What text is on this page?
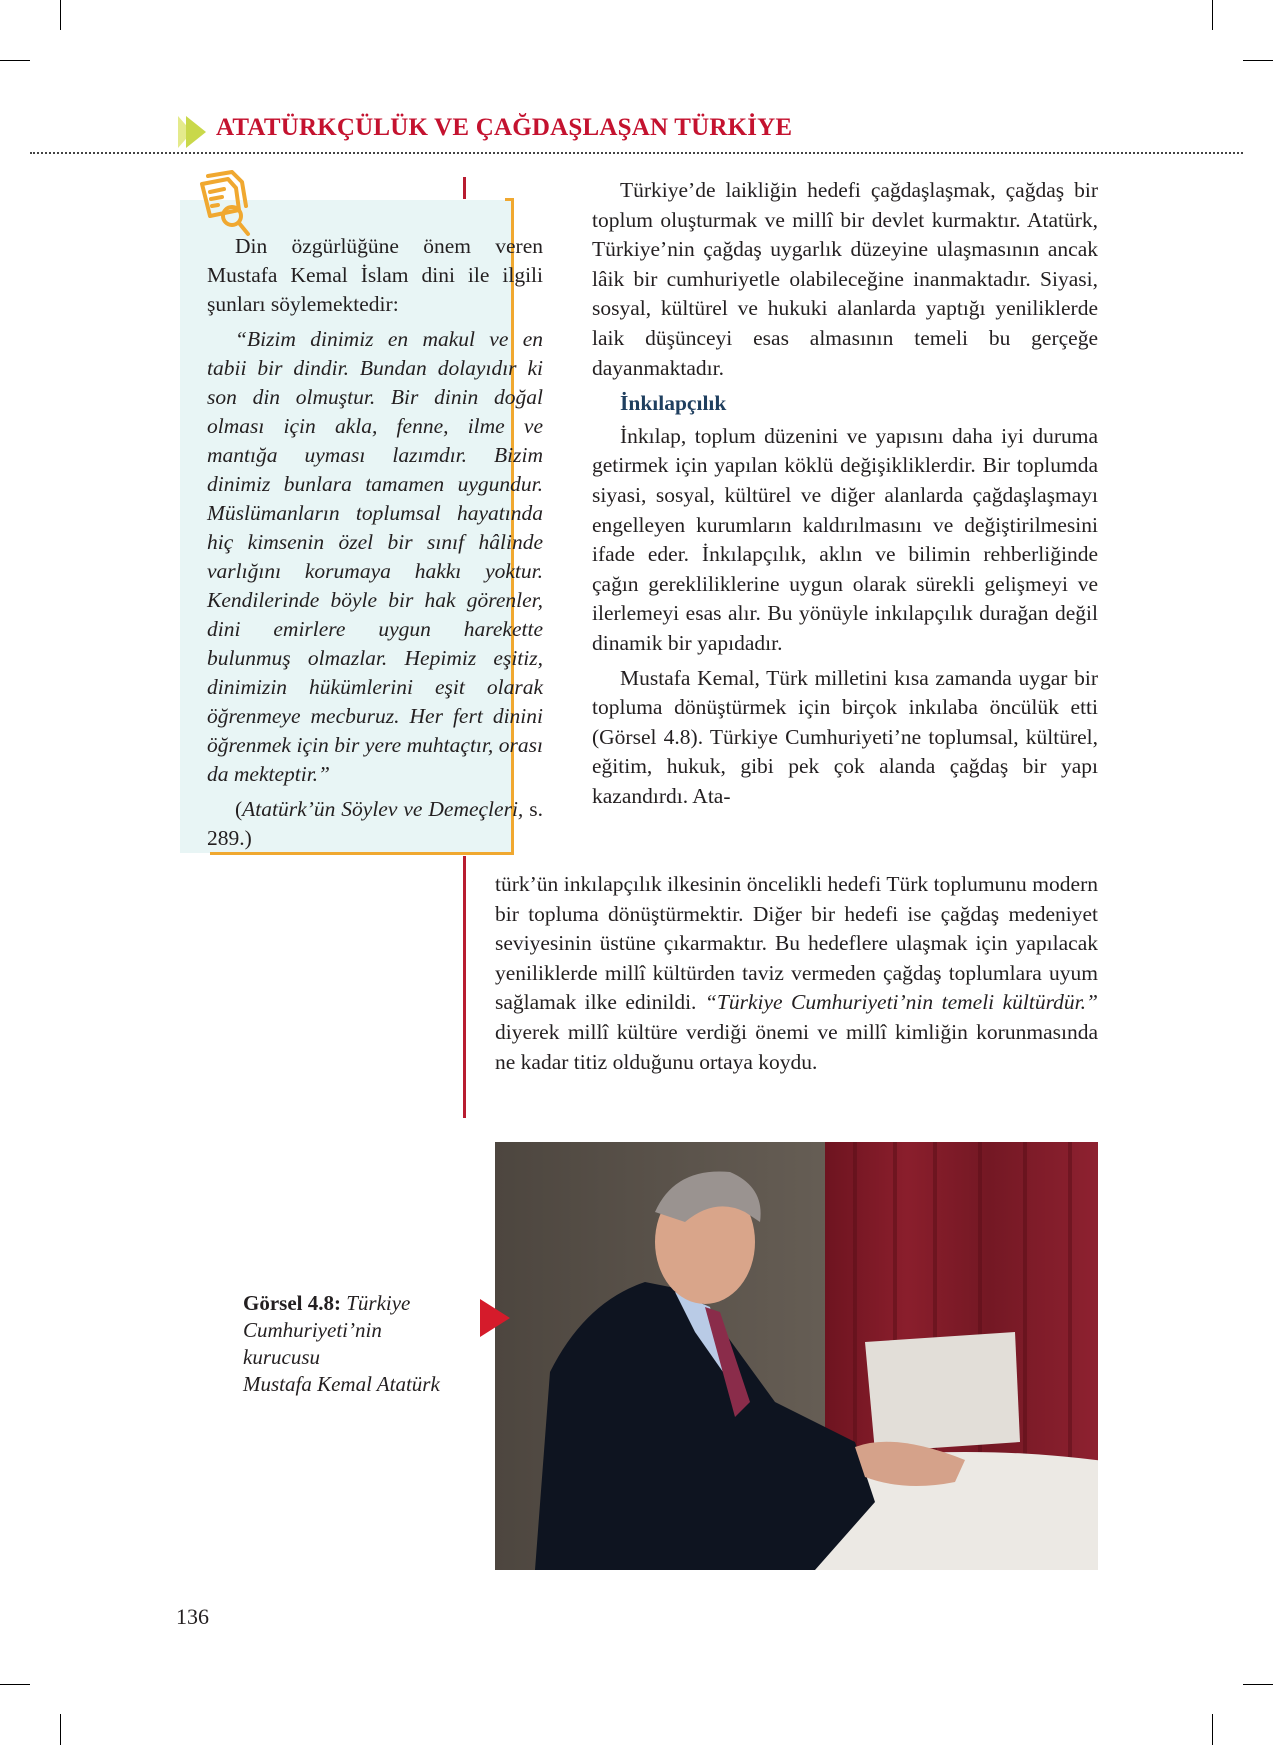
ATATÜRKÇÜLÜK VE ÇAĞDAŞLAŞAN TÜRKİYE

Din özgürlüğüne önem veren Mustafa Kemal İslam dini ile ilgili şunları söylemektedir:

“Bizim dinimiz en makul ve en tabii bir dindir. Bundan dolayıdır ki son din olmuştur. Bir dinin doğal olması için akla, fenne, ilme ve mantığa uyması lazımdır. Bizim dinimiz bunlara tamamen uygundur. Müslümanların toplumsal hayatında hiç kimsenin özel bir sınıf hâlinde varlığını korumaya hakkı yoktur. Kendilerinde böyle bir hak görenler, dini emirlere uygun harekette bulunmuş olmazlar. Hepimiz eşitiz, dinimizin hükümlerini eşit olarak öğrenmeye mecburuz. Her fert dinini öğrenmek için bir yere muhtaçtır, orası da mekteptir.”

(Atatürk’ün Söylev ve Demeçleri, s. 289.)

Türkiye’de laikliğin hedefi çağdaşlaşmak, çağdaş bir toplum oluşturmak ve millî bir devlet kurmaktır. Atatürk, Türkiye’nin çağdaş uygarlık düzeyine ulaşmasının ancak lâik bir cumhuriyetle olabileceğine inanmaktadır. Siyasi, sosyal, kültürel ve hukuki alanlarda yaptığı yeniliklerde laik düşünceyi esas almasının temeli bu gerçeğe dayanmaktadır.

İnkılapçılık

İnkılap, toplum düzenini ve yapısını daha iyi duruma getirmek için yapılan köklü değişikliklerdir. Bir toplumda siyasi, sosyal, kültürel ve diğer alanlarda çağdaşlaşmayı engelleyen kurumların kaldırılmasını ve değiştirilmesini ifade eder. İnkılapçılık, aklın ve bilimin rehberliğinde çağın gerekliliklerine uygun olarak sürekli gelişmeyi ve ilerlemeyi esas alır. Bu yönüyle inkılapçılık durağan değil dinamik bir yapıdadır.

Mustafa Kemal, Türk milletini kısa zamanda uygar bir topluma dönüştürmek için birçok inkılaba öncülük etti (Görsel 4.8). Türkiye Cumhuriyeti’ne toplumsal, kültürel, eğitim, hukuk, gibi pek çok alanda çağdaş bir yapı kazandırdı. Ata-

türk’ün inkılapçılık ilkesinin öncelikli hedefi Türk toplumunu modern bir topluma dönüştürmektir. Diğer bir hedefi ise çağdaş medeniyet seviyesinin üstüne çıkarmaktır. Bu hedeflere ulaşmak için yapılacak yeniliklerde millî kültürden taviz vermeden çağdaş toplumlara uyum sağlamak ilke edinildi. “Türkiye Cumhuriyeti’nin temeli kültürdür.” diyerek millî kültüre verdiği önemi ve millî kimliğin korunmasında ne kadar titiz olduğunu ortaya koydu.

Görsel 4.8: Türkiye
Cumhuriyeti’nin
kurucusu
Mustafa Kemal Atatürk
136
